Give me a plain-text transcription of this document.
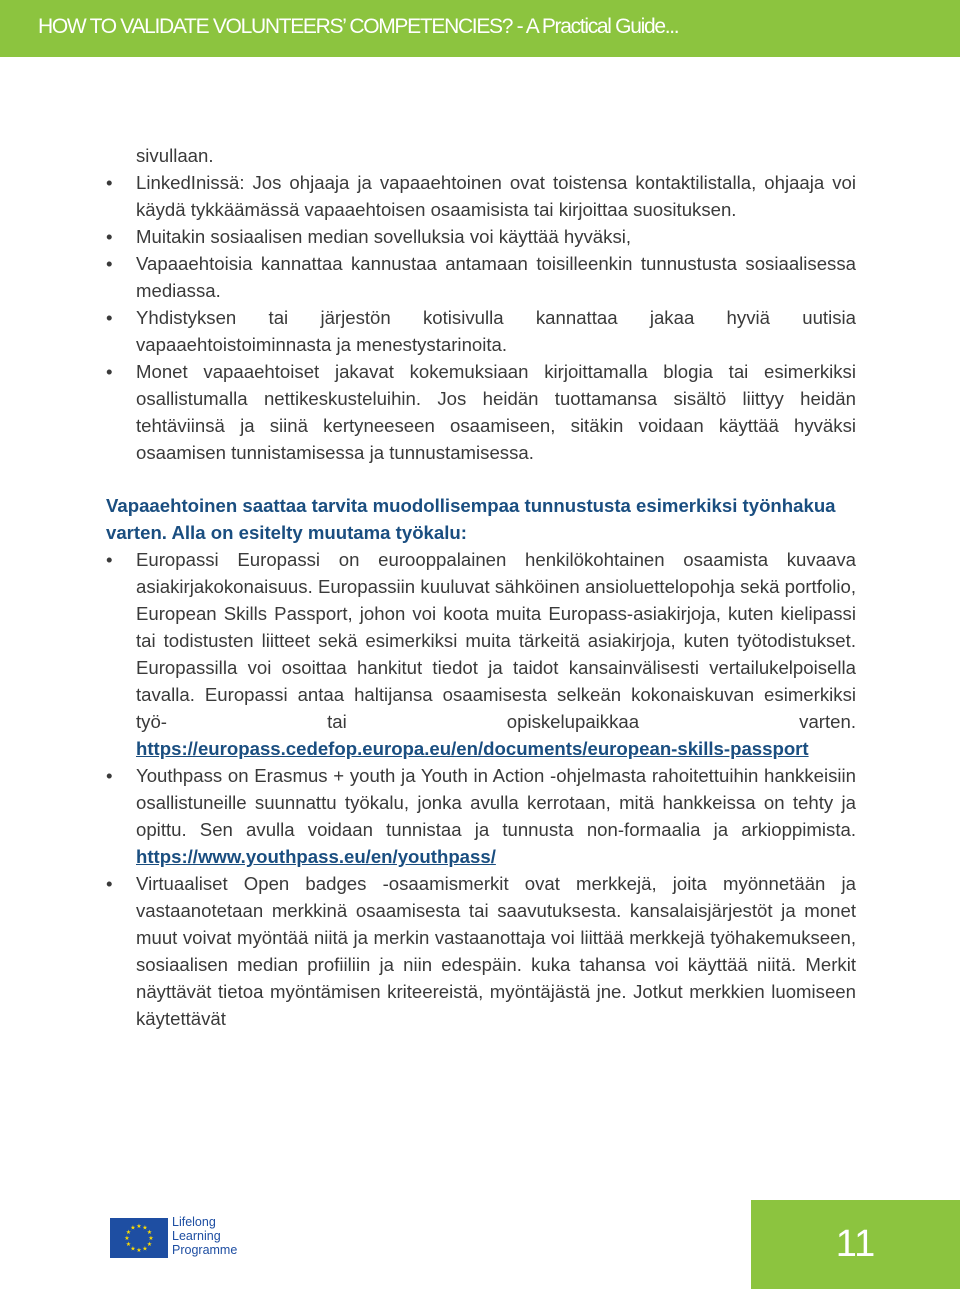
HOW TO VALIDATE VOLUNTEERS’ COMPETENCIES? - A Practical Guide...

sivullaan.

•	LinkedInissä: Jos ohjaaja ja vapaaehtoinen ovat toistensa kontaktilistalla, ohjaaja voi käydä tykkäämässä vapaaehtoisen osaamisista tai kirjoittaa suosituksen.
•	Muitakin sosiaalisen median sovelluksia voi käyttää hyväksi,
•	Vapaaehtoisia kannattaa kannustaa antamaan toisilleenkin tunnustusta sosiaalisessa mediassa.
•	Yhdistyksen tai järjestön kotisivulla kannattaa jakaa hyviä uutisia vapaaehtoistoiminnasta ja menestystarinoita.
•	Monet vapaaehtoiset jakavat kokemuksiaan kirjoittamalla blogia tai esimerkiksi osallistumalla nettikeskusteluihin. Jos heidän tuottamansa sisältö liittyy heidän tehtäviinsä ja siinä kertyneeseen osaamiseen, sitäkin voidaan käyttää hyväksi osaamisen tunnistamisessa ja tunnustamisessa.

Vapaaehtoinen saattaa tarvita muodollisempaa tunnustusta esimerkiksi työnhakua varten. Alla on esitelty muutama työkalu:

•	Europassi Europassi on eurooppalainen henkilökohtainen osaamista kuvaava asiakirjakokonaisuus. Europassiin kuuluvat sähköinen ansioluettelopohja sekä portfolio, European Skills Passport, johon voi koota muita Europass-asiakirjoja, kuten kielipassi tai todistusten liitteet sekä esimerkiksi muita tärkeitä asiakirjoja, kuten työtodistukset. Europassilla voi osoittaa hankitut tiedot ja taidot kansainvälisesti vertailukelpoisella tavalla. Europassi antaa haltijansa osaamisesta selkeän kokonaiskuvan esimerkiksi työ- tai opiskelupaikkaa varten. https://europass.cedefop.europa.eu/en/documents/european-skills-passport
•	Youthpass on Erasmus + youth ja Youth in Action -ohjelmasta rahoitettuihin hankkeisiin osallistuneille suunnattu työkalu, jonka avulla kerrotaan, mitä hankkeissa on tehty ja opittu. Sen avulla voidaan tunnistaa ja tunnusta non-formaalia ja arkioppimista. https://www.youthpass.eu/en/youthpass/
•	Virtuaaliset Open badges -osaamismerkit ovat merkkejä, joita myönnetään ja vastaanotetaan merkkinä osaamisesta tai saavutuksesta. kansalaisjärjestöt ja monet muut voivat myöntää niitä ja merkin vastaanottaja voi liittää merkkejä työhakemukseen, sosiaalisen median profiiliin ja niin edespäin. kuka tahansa voi käyttää niitä. Merkit näyttävät tietoa myöntämisen kriteereistä, myöntäjästä jne. Jotkut merkkien luomiseen käytettävät
★ ★
★
★
★
★
★
★
★
★
★
★	Lifelong
Learning
Programme	11
